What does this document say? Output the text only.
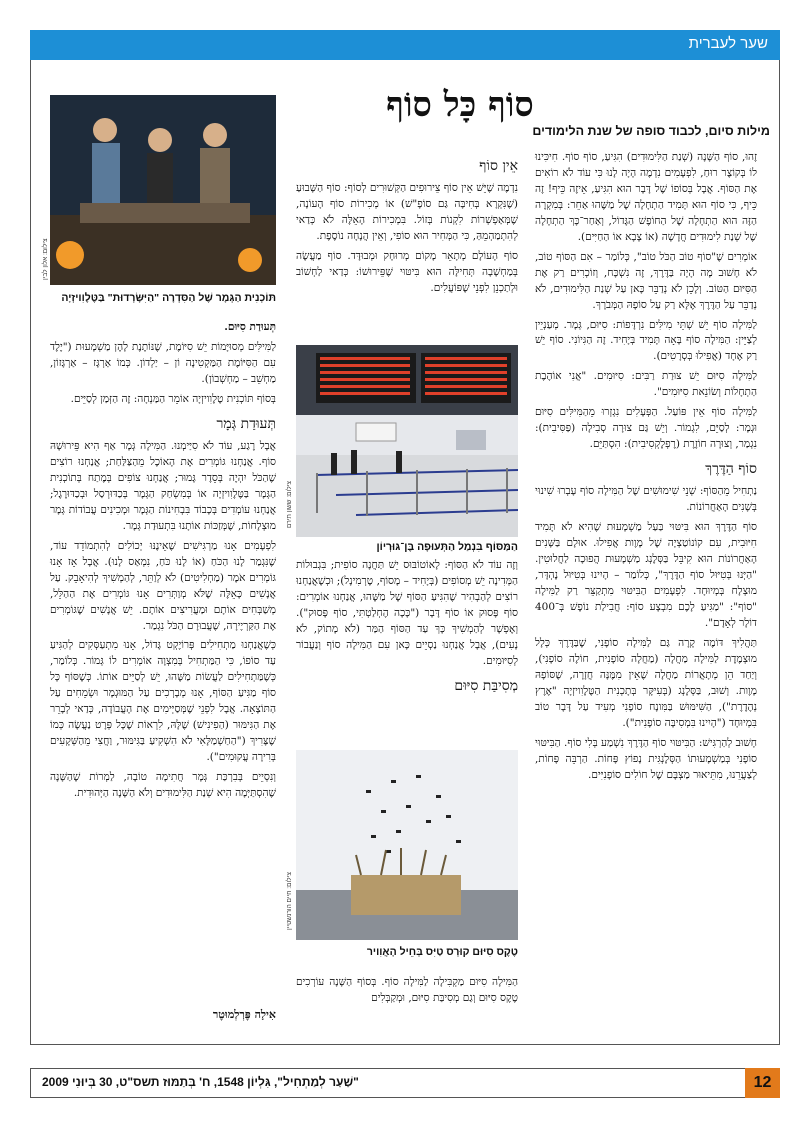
שער לעברית
סוֹף כָּל סוֹף
מילות סיום, לכבוד סופה של שנת הלימודים

זֶהוּ, סוֹף הַשָּׁנָה (שְׁנַת הַלִּימוּדִים) הִגִּיעַ, סוֹף סוֹף. חִיכִּינוּ לוֹ בְּקוֹצֶר רוּחַ, לִפְעָמִים נִדְמֶה הָיָה לָנוּ כִּי עוֹד לֹא רוֹאִים אֶת הַסּוֹף. אֲבָל בְּסוֹפוֹ שֶׁל דָּבָר הוּא הִגִּיעַ, אֵיזֶה כֵּיף! זֶה כֵּיף, כִּי סוֹף הוּא תָּמִיד הַתְחָלָה שֶׁל מַשֶּׁהוּ אַחֵר: בְּמִקְרֶה הַזֶּה הוּא הַתְחָלָה שֶׁל הַחוֹפֶשׁ הַגָּדוֹל, וְאַחַר־כָּךְ הַתְחָלָה שֶׁל שְׁנַת לִימוּדִים חֲדָשָׁה (אוֹ צָבָא אוֹ הַחַיִּים).

אוֹמְרִים שֶׁ"סוֹף טוֹב הַכֹּל טוֹב", כְּלוֹמַר – אִם הַסּוֹף טוֹב, לֹא חָשׁוּב מָה הָיָה בַּדֶּרֶךְ, זֶה נִשְׁכָּח, וְזוֹכְרִים רַק אֶת הַסִּיּוּם הַטּוֹב. וְלָכֵן לֹא נְדַבֵּר כָּאן עַל שְׁנַת הַלִּימוּדִים, לֹא נְדַבֵּר עַל הַדֶּרֶךְ אֶלָּא רַק עַל סוֹפָהּ הַמְּבֹרָךְ.

לַמִּילָה סוֹף יֵשׁ שְׁתֵּי מִילִּים נִרְדָּפוֹת: סִיּוּם, גְּמָר. מְעַנְיֵין לְצַיֵּין: הַמִּילָה סוֹף בָּאָה תָּמִיד בְּיָחִיד. זֶה הַגִּיוֹנִי. סוֹף יֵשׁ רַק אֶחָד (אֲפִילוּ בְּסְרָטִים).

לַמִּילָה סִיּוּם יֵשׁ צוּרַת רַבִּים: סִיּוּמִים. "אֲנִי אוֹהֶבֶת הַתְחָלוֹת וְשׂוֹנֵאת סִיּוּמִים".

לַמִּילָה סוֹף אֵין פּוֹעַל. הַפְּעָלִים נִגְזְרוּ מֵהַמִּילִּים סִיּוּם וּגְמָר: לְסַיֵּם, לִגְמוֹר. וְיֵשׁ גַּם צוּרָה סְבִילָה (פַּסִּיבִית): נִגְמַר, וְצוּרָה חוֹזֶרֶת (רֶפְלֶקְסִיבִית): הִסְתַּיֵּם.

סוֹף הַדֶּרֶךְ

נַתְחִיל מֵהַסּוֹף: שְׁנֵי שִׁימוּשִׁים שֶׁל הַמִּילָה סוֹף עָבְרוּ שִׁינוּי בְּשָׁנִים הָאַחֲרוֹנוֹת.

סוֹף הַדֶּרֶךְ הוּא בִּיטּוּי בַּעַל מַשְׁמָעוּת שֶׁהִיא לֹא תָּמִיד חִיּוּבִית, עִם קוֹנוֹטַצְיָה שֶׁל מָוֶות אֲפִילוּ. אוּלָם בַּשָּׁנִים הָאַחֲרוֹנוֹת הוּא קִיבֵּל בַּסְּלֶנְג מַשְׁמָעוּת הֲפוּכָה לַחֲלוּטִין. "הַיְּנוּ בְּטִיּוּל סוֹף הַדֶּרֶךְ", כְּלוֹמַר – הָיִינוּ בְּטִיּוּל נֶהְדָּר, מוּצְלָח בְּמְיוּחָד. לִפְעָמִים הַבִּיטּוּי מִתְקַצֵּר רַק לַמִּילָה "סוֹף": "מַגִּיעַ לָכֶם מִבְצָע סוֹף: חֲבִילַת נוֹפֶשׁ בְּ־400 דוֹלָר לְאָדָם".

תַּהֲלִיךְ דּוֹמֶה קָרָה גַּם לַמִּילָה סוֹפָנִי, שֶׁבַּדֶּרֶךְ כְּלָל מוּצְמֶדֶת לַמִּילָה מַחֲלָה (מַחֲלָה סוֹפָנִית, חוֹלֶה סוֹפָנִי), וְיַחַד הֵן מְתָאֲרוֹת מַחֲלָה שֶׁאֵין מִמֶּנָּה חֲזָרָה, שֶׁסּוֹפָהּ מָוֶות. וְשׁוּב, בַּסְּלֶנְג (בְּעִיקָּר בְּתָכְנִית הַטֶּלֶוִויזְיָה "אֶרֶץ נְהֶדֶרֶת"), הַשִּׁימּוּשׁ בַּמִּונָח סוֹפָנִי מְעִיד עַל דָּבָר טוֹב בִּמְיוּחָד ("הָיִינוּ בִּמְסִיבָּה סוֹפָנִית").

חָשׁוּב לְהַרְגִּישׁ: הַבִּיטּוּי סוֹף הַדֶּרֶךְ נִשְׁמַע בְּלִי סוֹף. הַבִּיטּוּי סוֹפָנִי בְּמַשְׁמָעוּתוֹ הַסְּלֶנְגִּית נָפוֹץ פָּחוֹת. הַרְבֵּה פָּחוֹת, לְצַעֲרֵנוּ, מִתֵּיאוּר מַצְבָּם שֶׁל חוֹלִים סוֹפָנִיִּים.

אֵין סוֹף

נִדְמֶה שֶׁיֵּשׁ אֵין סוֹף צֵירוּפִים הַקְּשׁוּרִים לְסוֹף: סוֹף הַשָּׁבוּעַ (שֶׁנִּקְרָא בְּחִיבָּה גַּם סוֹפָ"שׁ) אוֹ מְכִירוֹת סוֹף הָעוֹנָה, שֶׁמְּאַפְשְׁרוֹת לִקְנוֹת בְּזוֹל. בִּמְכִירוֹת הָאֵלֶּה לֹא כְּדַאי לְהִתְמַהְמֵהַּ, כִּי הַמְּחִיר הוּא סוֹפִי, וְאֵין הֲנָחָה נוֹסֶפֶת.

סוֹף הָעוֹלָם מְתָאֵר מָקוֹם מְרוּחָק וּמְבוּדָּד. סוֹף מַעֲשֶׂה בְּמַחְשָׁבָה תְּחִילָּה הוּא בִּיטּוּי שֶׁפֵּירוּשׁוֹ: כְּדַאי לַחְשׁוֹב וּלְתַכְנֵן לִפְנֵי שֶׁפּוֹעֲלִים.

צילום: ששון תירם
הַמַּסּוֹף בִּנְמַל הַתְּעוּפָה בֶּן־גּוּרְיוֹן

וְזֶה עוֹד לֹא הַסּוֹף: לָאוֹטוֹבּוּס יֵשׁ תַּחֲנָה סוֹפִית; בִּגְבוּלוֹת הַמְּדִינָה יֵשׁ מְסוֹפִים (בְּיָחִיד – מָסוֹף, טֶרְמִינָל); וּכְשֶׁאֲנַחְנוּ רוֹצִים לְהַבְהִיר שֶׁהִגִּיעַ הַסּוֹף שֶׁל מַשֶּׁהוּ, אֲנַחְנוּ אוֹמְרִים: סוֹף פָּסוּק אוֹ סוֹף דָּבָר ("כָּכָה הֶחְלַטְתִּי, סוֹף פָּסוּק"). וְאֶפְשָׁר לְהַמְשִׁיךְ כָּךְ עַד הַסּוֹף הַמַּר (לֹא מָתוֹק, לֹא נָעִים), אֲבָל אֲנַחְנוּ נַסְיֵים כָּאן עִם הַמִּילָה סוֹף וְנַעֲבוֹר לְסִיּוּמִים.

מְסִיבַּת סִיּוּם
צילום: חיים הורנשטיין
טֶקֶס סִיּוּם קוּרְס טַיִּס בְּחֵיל הָאֲוִויר

הַמִּילָה סִיּוּם מַקְבִּילָה לַמִּילָה סוֹף. בְּסוֹף הַשָּׁנָה עוֹרְכִים טֶקֶס סִיּוּם וְגַם מְסִיבַּת סִיּוּם, וּמְקַבְּלִים

צילום: אלון לבין
תּוֹכְנִית הַגְּמָר שֶׁל הַסִּדְרָה "הַיִּשָּׂרְדוּת" בַּטֶּלֶוִויזְיָה

תְּעוּדַת סִיּוּם.

לַמִּילִּים מְסוּיָּמוֹת יֵשׁ סִיּוֹמֶת, שֶׁנּוֹתֶנֶת לָהֶן מַשְׁמָעוּת ("יֶלֶד עִם הַסִּיּוֹמֶת הַמַּקְטִינָה וֹן – יַלְדוֹן. כְּמוֹ אַרְגָּז – אַרְגָּזוֹן, מַחְשֵׁב – מַחְשְׁבוֹן).

בְּסוֹף תּוֹכְנִית טֶלֶוִויזְיָה אוֹמֵר הַמַּנְחָה: זֶה הַזְּמַן לְסַיֵּים.

תְּעוּדַת גְּמָר

אֲבָל רֶגַע, עוֹד לֹא סִיַּימְנוּ. הַמִּילָה גְּמָר אַף הִיא פֵּירוּשָׁהּ סוֹף. אֲנַחְנוּ גּוֹמְרִים אֶת הָאוֹכֶל מֵהַצַּלַּחַת; אֲנַחְנוּ רוֹצִים שֶׁהַכֹּל יִהְיֶה בְּסֵדֶר גָּמוּר; אֲנַחְנוּ צוֹפִים בְּמֶתַח בְּתוֹכְנִית הַגְּמָר בַּטֶּלֶוִויזְיָה אוֹ בְּמִשְׂחַק הַגְּמָר בְּכַדּוּרְסַל וּבְכַדּוּרֶגֶל; אֲנַחְנוּ עוֹמְדִים בְּכָבוֹד בִּבְחִינוֹת הַגְּמָר וּמְכִינִים עֲבוֹדוֹת גְּמָר מוּצְלָחוֹת, שֶׁמְּזַכּוֹת אוֹתָנוּ בִּתְעוּדַת גְּמָר.

לִפְעָמִים אָנוּ מַרְגִּישִׁים שֶׁאֵינֶנּוּ יְכוֹלִים לְהִתְמוֹדֵד עוֹד, שֶׁנִּגְמַר לָנוּ הַכֹּחַ (אוֹ לָנוּ כֹּחַ, נִמְאַס לָנוּ). אֲבָל אָז אָנוּ גּוֹמְרִים אֹמֶר (מַחְלִיטִים) לֹא לְוַתֵּר, לְהַמְשִׁיךְ לְהִיאָבֵק. עַל אֲנָשִׁים כָּאֵלֶּה שֶׁלֹּא מְוַתְּרִים אָנוּ גּוֹמְרִים אֶת הַהַלֵּל, מְשַׁבְּחִים אוֹתָם וּמַעֲרִיצִים אוֹתָם. יֵשׁ אֲנָשִׁים שֶׁגּוֹמְרִים אֶת הַקַּרְיֶירָה, שֶׁעֲבוּרָם הַכֹּל נִגְמַר.

כְּשֶׁאֲנַחְנוּ מַתְחִילִים פְּרוֹיֶקְט גָּדוֹל, אָנוּ מִתְעַסְּקִים לְהַגִּיעַ עַד סוֹפוֹ, כִּי הַמַּתְחִיל בְּמִצְוָה אוֹמְרִים לוֹ גְּמוֹר. כְּלוֹמַר, כְּשֶׁמַּתְחִילִים לַעֲשׂוֹת מַשֶּׁהוּ, יֵשׁ לְסַיֵּים אוֹתוֹ. כְּשֶׁסּוֹף כָּל סוֹף מַגִּיעַ הַסּוֹף, אָנוּ מְבָרְכִים עַל הַמּוּגְמָר וּשְׂמֵחִים עַל הַתּוֹצָאָה. אֲבָל לִפְנֵי שֶׁמְּסַיְּימִים אֶת הָעֲבוֹדָה, כְּדַאי לְבָרֵר אֶת הַגִּימּוּר (הַפִינִישׁ) שֶׁלָּהּ, לִרְאוֹת שֶׁכָּל פְּרָט נַעֲשָׂה כְּמוֹ שֶׁצָּרִיךְ ("הַחַשְׁמַלָּאִי לֹא הִשְׁקִיעַ בַּגִּימּוּר, וַחֲצִי מֵהַשְּׁקָעִים בְּרִירָה עֲקוּמִים").

וְנִסְיֵים בְּבִרְכַּת גְּמָר חֲתִימָה טוֹבָה, לַמְרוֹת שֶׁהַשָּׁנָה שֶׁהִסְתַּיְּמָה הִיא שְׁנַת הַלִּימוּדִים וְלֹא הַשָּׁנָה הַיְּהוּדִית.

אִילָה פֶּרְלְמוּטֶר
"שַׁעַר לְמַתְחִיל", גִּלְיוֹן 1548, ח' בְּתַמּוּז תשס"ט, 30 בְּיוּנִי 2009	12
